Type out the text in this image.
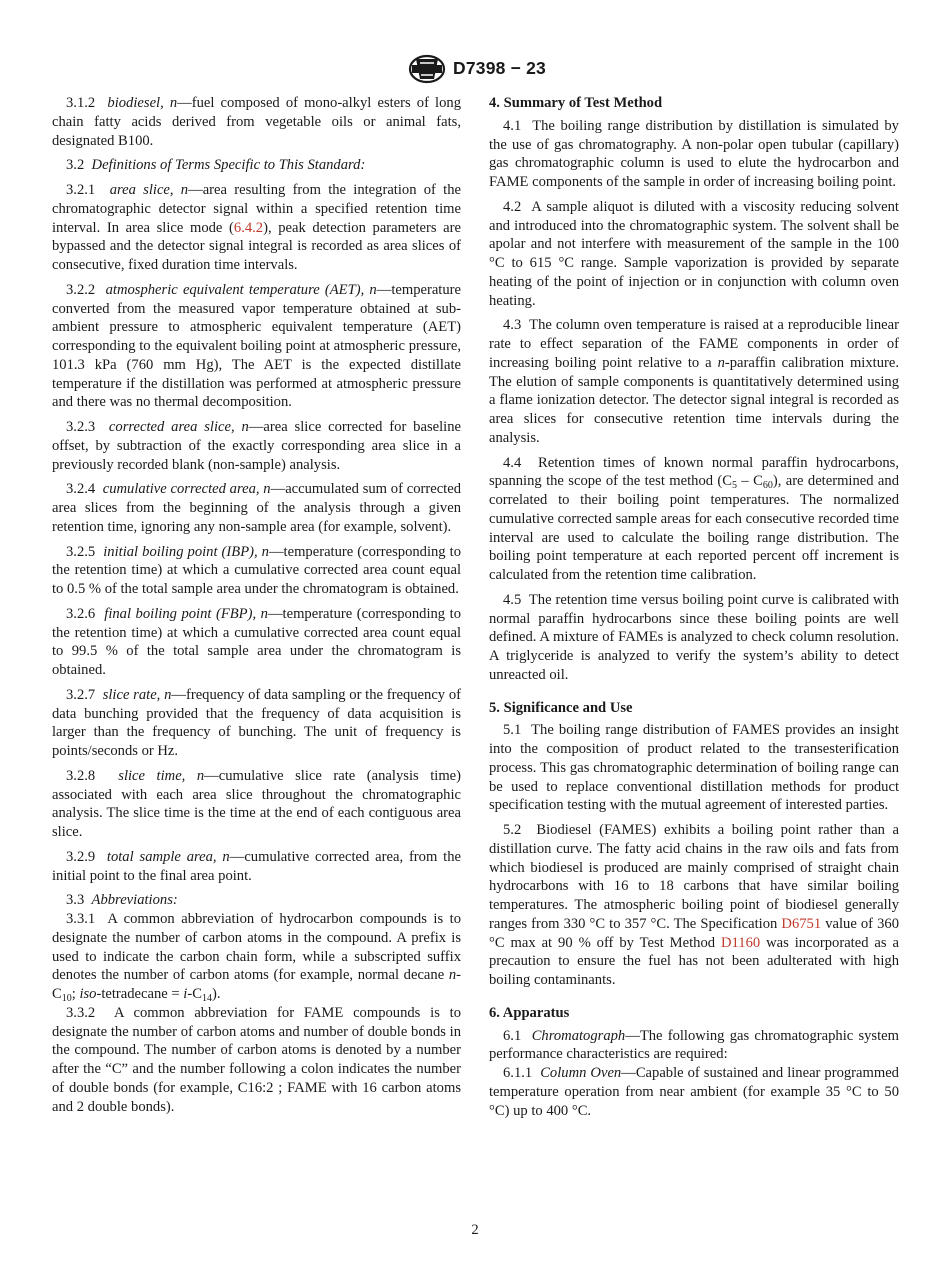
D7398 − 23

3.1.2 biodiesel, n—fuel composed of mono-alkyl esters of long chain fatty acids derived from vegetable oils or animal fats, designated B100.

3.2 Definitions of Terms Specific to This Standard:

3.2.1 area slice, n—area resulting from the integration of the chromatographic detector signal within a specified retention time interval. In area slice mode (6.4.2), peak detection parameters are bypassed and the detector signal integral is recorded as area slices of consecutive, fixed duration time intervals.

3.2.2 atmospheric equivalent temperature (AET), n—temperature converted from the measured vapor temperature obtained at sub-ambient pressure to atmospheric equivalent temperature (AET) corresponding to the equivalent boiling point at atmospheric pressure, 101.3 kPa (760 mm Hg), The AET is the expected distillate temperature if the distillation was performed at atmospheric pressure and there was no thermal decomposition.

3.2.3 corrected area slice, n—area slice corrected for baseline offset, by subtraction of the exactly corresponding area slice in a previously recorded blank (non-sample) analysis.

3.2.4 cumulative corrected area, n—accumulated sum of corrected area slices from the beginning of the analysis through a given retention time, ignoring any non-sample area (for example, solvent).

3.2.5 initial boiling point (IBP), n—temperature (corresponding to the retention time) at which a cumulative corrected area count equal to 0.5 % of the total sample area under the chromatogram is obtained.

3.2.6 final boiling point (FBP), n—temperature (corresponding to the retention time) at which a cumulative corrected area count equal to 99.5 % of the total sample area under the chromatogram is obtained.

3.2.7 slice rate, n—frequency of data sampling or the frequency of data bunching provided that the frequency of data acquisition is larger than the frequency of bunching. The unit of frequency is points/seconds or Hz.

3.2.8 slice time, n—cumulative slice rate (analysis time) associated with each area slice throughout the chromatographic analysis. The slice time is the time at the end of each contiguous area slice.

3.2.9 total sample area, n—cumulative corrected area, from the initial point to the final area point.

3.3 Abbreviations:

3.3.1 A common abbreviation of hydrocarbon compounds is to designate the number of carbon atoms in the compound. A prefix is used to indicate the carbon chain form, while a subscripted suffix denotes the number of carbon atoms (for example, normal decane $n-C_{10}$; iso-tetradecane = $i-C_{14}$).

3.3.2 A common abbreviation for FAME compounds is to designate the number of carbon atoms and number of double bonds in the compound. The number of carbon atoms is denoted by a number after the “C” and the number following a colon indicates the number of double bonds (for example, C16:2 ; FAME with 16 carbon atoms and 2 double bonds).

4. Summary of Test Method

4.1 The boiling range distribution by distillation is simulated by the use of gas chromatography. A non-polar open tubular (capillary) gas chromatographic column is used to elute the hydrocarbon and FAME components of the sample in order of increasing boiling point.

4.2 A sample aliquot is diluted with a viscosity reducing solvent and introduced into the chromatographic system. The solvent shall be apolar and not interfere with measurement of the sample in the 100 °C to 615 °C range. Sample vaporization is provided by separate heating of the point of injection or in conjunction with column oven heating.

4.3 The column oven temperature is raised at a reproducible linear rate to effect separation of the FAME components in order of increasing boiling point relative to a n-paraffin calibration mixture. The elution of sample components is quantitatively determined using a flame ionization detector. The detector signal integral is recorded as area slices for consecutive retention time intervals during the analysis.

4.4 Retention times of known normal paraffin hydrocarbons, spanning the scope of the test method $(C_5 - C_{60})$, are determined and correlated to their boiling point temperatures. The normalized cumulative corrected sample areas for each consecutive recorded time interval are used to calculate the boiling range distribution. The boiling point temperature at each reported percent off increment is calculated from the retention time calibration.

4.5 The retention time versus boiling point curve is calibrated with normal paraffin hydrocarbons since these boiling points are well defined. A mixture of FAMEs is analyzed to check column resolution. A triglyceride is analyzed to verify the system’s ability to detect unreacted oil.

5. Significance and Use

5.1 The boiling range distribution of FAMES provides an insight into the composition of product related to the transesterification process. This gas chromatographic determination of boiling range can be used to replace conventional distillation methods for product specification testing with the mutual agreement of interested parties.

5.2 Biodiesel (FAMES) exhibits a boiling point rather than a distillation curve. The fatty acid chains in the raw oils and fats from which biodiesel is produced are mainly comprised of straight chain hydrocarbons with 16 to 18 carbons that have similar boiling temperatures. The atmospheric boiling point of biodiesel generally ranges from 330 °C to 357 °C. The Specification D6751 value of 360 °C max at 90 % off by Test Method D1160 was incorporated as a precaution to ensure the fuel has not been adulterated with high boiling contaminants.

6. Apparatus

6.1 Chromatograph—The following gas chromatographic system performance characteristics are required:

6.1.1 Column Oven—Capable of sustained and linear programmed temperature operation from near ambient (for example 35 °C to 50 °C) up to 400 °C.

2
